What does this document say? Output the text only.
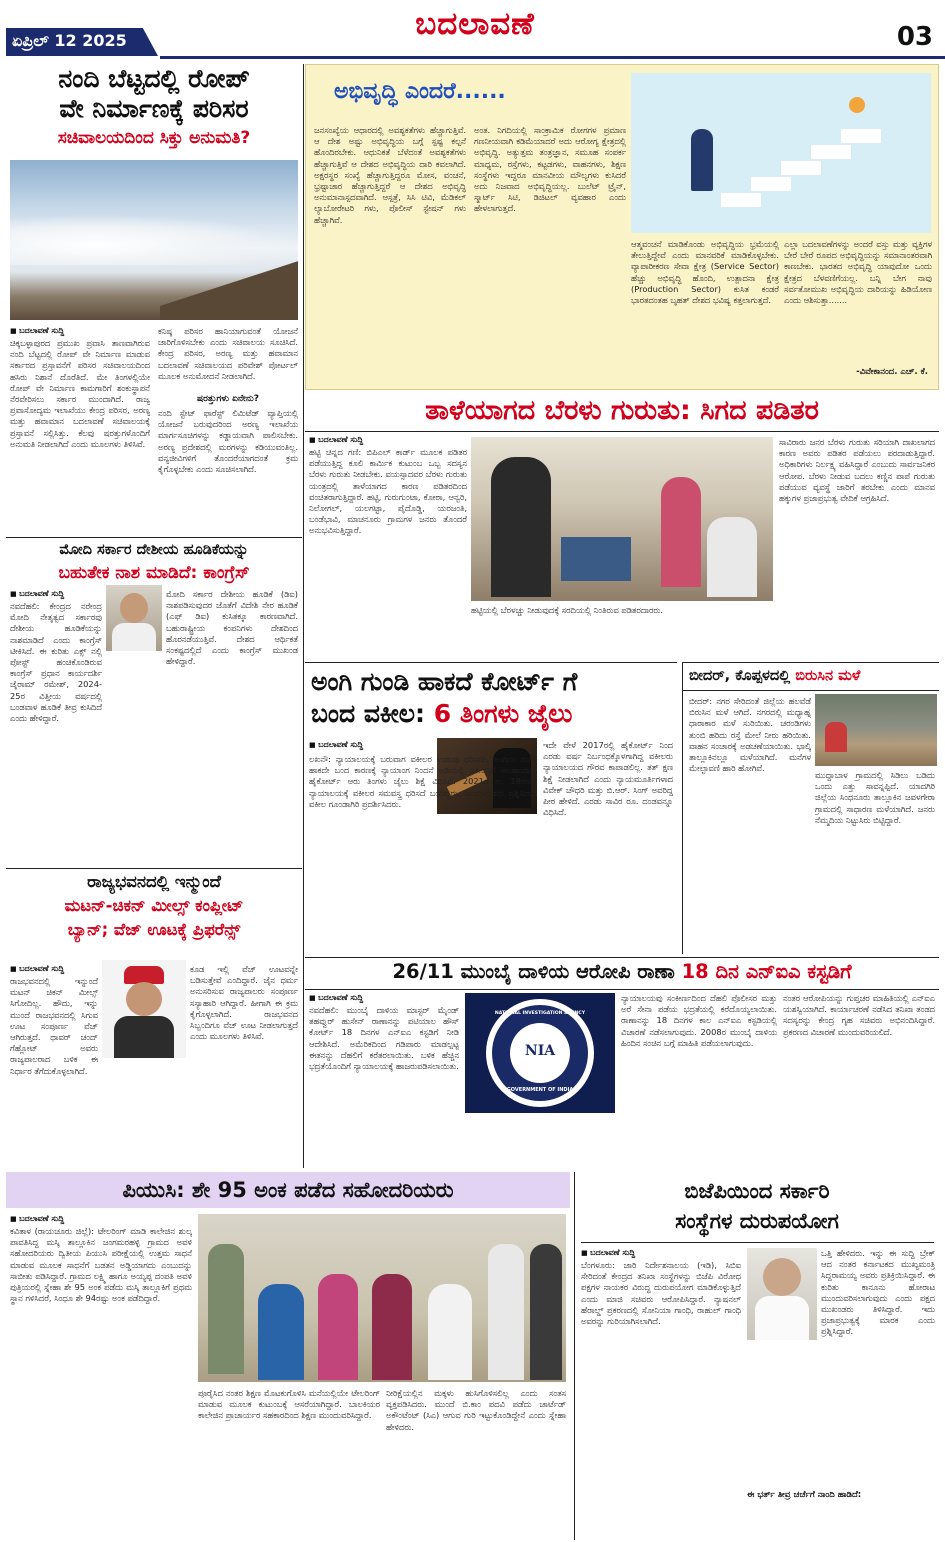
ಏಪ್ರಿಲ್ 12 2025	ಬದಲಾವಣೆ	03
ನಂದಿ ಬೆಟ್ಟದಲ್ಲಿ ರೋಪ್
ವೇ ನಿರ್ಮಾಣಕ್ಕೆ ಪರಿಸರ
ಸಚಿವಾಲಯದಿಂದ ಸಿಕ್ತು ಅನುಮತಿ?
■ ಬದಲಾವಣೆ ಸುದ್ದಿ
ಚಿಕ್ಕಬಳ್ಳಾಪುರದ ಪ್ರಮುಖ ಪ್ರವಾಸಿ ತಾಣವಾಗಿರುವ ನಂದಿ ಬೆಟ್ಟದಲ್ಲಿ ರೋಪ್ ವೇ ನಿರ್ಮಾಣ ಮಾಡುವ ಸರ್ಕಾರದ ಪ್ರಸ್ತಾವನೆಗೆ ಪರಿಸರ ಸಚಿವಾಲಯದಿಂದ ಹಸಿರು ನಿಶಾನೆ ದೊರೆತಿದೆ. ಮೇ ತಿಂಗಳಲ್ಲಿಯೇ ರೋಪ್ ವೇ ನಿರ್ಮಾಣ ಕಾಮಗಾರಿಗೆ ಶಂಕುಸ್ಥಾಪನೆ ನೆರವೇರಿಸಲು ಸರ್ಕಾರ ಮುಂದಾಗಿದೆ. ರಾಜ್ಯ ಪ್ರವಾಸೋದ್ಯಮ ಇಲಾಖೆಯು ಕೇಂದ್ರ ಪರಿಸರ, ಅರಣ್ಯ ಮತ್ತು ಹವಾಮಾನ ಬದಲಾವಣೆ ಸಚಿವಾಲಯಕ್ಕೆ ಪ್ರಸ್ತಾವನೆ ಸಲ್ಲಿಸಿತ್ತು. ಕೆಲವು ಷರತ್ತುಗಳೊಂದಿಗೆ ಅನುಮತಿ ನೀಡಲಾಗಿದೆ ಎಂದು ಮೂಲಗಳು ತಿಳಿಸಿವೆ.
ಕನಿಷ್ಠ ಪರಿಸರ ಹಾನಿಯಾಗುವಂತೆ ಯೋಜನೆ ಜಾರಿಗೊಳಿಸಬೇಕು ಎಂದು ಸಚಿವಾಲಯ ಸೂಚಿಸಿದೆ. ಕೇಂದ್ರ ಪರಿಸರ, ಅರಣ್ಯ ಮತ್ತು ಹವಾಮಾನ ಬದಲಾವಣೆ ಸಚಿವಾಲಯದ ಪರಿವೇಶ್ ಪೋರ್ಟಲ್ ಮೂಲಕ ಅನುಮೋದನೆ ನೀಡಲಾಗಿದೆ.
ಷರತ್ತುಗಳು ಏನೇನು?
ನಂದಿ ಸ್ಟೇಟ್ ಫಾರೆಸ್ಟ್ ಲಿಮಿಟೆಡ್ ವ್ಯಾಪ್ತಿಯಲ್ಲಿ ಯೋಜನೆ ಬರುವುದರಿಂದ ಅರಣ್ಯ ಇಲಾಖೆಯ ಮಾರ್ಗಸೂಚಿಗಳನ್ನು ಕಡ್ಡಾಯವಾಗಿ ಪಾಲಿಸಬೇಕು. ಅರಣ್ಯ ಪ್ರದೇಶದಲ್ಲಿ ಮರಗಳನ್ನು ಕಡಿಯುವಂತಿಲ್ಲ. ವನ್ಯಜೀವಿಗಳಿಗೆ ತೊಂದರೆಯಾಗದಂತೆ ಕ್ರಮ ಕೈಗೊಳ್ಳಬೇಕು ಎಂದು ಸೂಚಿಸಲಾಗಿದೆ.
ಅಭಿವೃದ್ಧಿ ಎಂದರೆ......
ಜನಸಂಖ್ಯೆಯ ಆಧಾರದಲ್ಲಿ ಅವಶ್ಯಕತೆಗಳು ಹೆಚ್ಚಾಗುತ್ತಿವೆ. ಆ ದೇಶ ಅಷ್ಟು ಅಭಿವೃದ್ಧಿಯ ಬಗ್ಗೆ ಸ್ಪಷ್ಟ ಕಲ್ಪನೆ ಹೊಂದಿರಬೇಕು. ಆಧುನಿಕತೆ ಬೆಳೆದಂತೆ ಅವಶ್ಯಕತೆಗಳು ಹೆಚ್ಚಾಗುತ್ತಿವೆ ಆ ದೇಶದ ಅಭಿವೃದ್ಧಿಯ ದಾರಿ ಕವಲಾಗಿದೆ. ಅಕ್ಷರಸ್ಥರ ಸಂಖ್ಯೆ ಹೆಚ್ಚಾಗುತ್ತಿದ್ದರೂ ಮೋಸ, ವಂಚನೆ, ಭ್ರಷ್ಟಾಚಾರ ಹೆಚ್ಚಾಗುತ್ತಿದ್ದರೆ ಆ ದೇಶದ ಅಭಿವೃದ್ಧಿ ಅನುಮಾನಾಸ್ಪದವಾಗಿದೆ. ಆಸ್ಪತ್ರೆ, ಸಿಸಿ ಟಿವಿ, ಮೆಡಿಕಲ್ ಲ್ಯಾಬೋರೇಟರಿ ಗಳು, ಪೊಲೀಸ್ ಸ್ಟೇಷನ್ ಗಳು ಹೆಚ್ಚಾಗಿವೆ.
ಅಂತ. ನಿಗದಿಯಲ್ಲಿ ಸಾಂಕ್ರಾಮಿಕ ರೋಗಗಳ ಪ್ರಮಾಣ ಗಣನೀಯವಾಗಿ ಕಡಿಮೆಯಾದರೆ ಅದು ಆರೋಗ್ಯ ಕ್ಷೇತ್ರದಲ್ಲಿ ಅಭಿವೃದ್ಧಿ. ಅತ್ಯುತ್ತಮ ತಂತ್ರಜ್ಞಾನ, ಸಮೂಹ ಸಂಪರ್ಕ ಮಾಧ್ಯಮ, ರಸ್ತೆಗಳು, ಕಟ್ಟಡಗಳು, ವಾಹನಗಳು, ಶಿಕ್ಷಣ ಸಂಸ್ಥೆಗಳು ಇದ್ದರೂ ಮಾನವೀಯ ಮೌಲ್ಯಗಳು ಕುಸಿದರೆ ಅದು ನಿಜವಾದ ಅಭಿವೃದ್ಧಿಯಲ್ಲ. ಬುಲೆಟ್ ಟ್ರೈನ್, ಸ್ಮಾರ್ಟ್ ಸಿಟಿ, ಡಿಜಿಟಲ್ ವ್ಯವಹಾರ ಎಂದು ಹೇಳಲಾಗುತ್ತದೆ.
ಆತ್ಮವಂಚನೆ ಮಾಡಿಕೊಂಡು ಅಭಿವೃದ್ಧಿಯ ಭ್ರಮೆಯಲ್ಲಿ ತೇಲುತ್ತಿದ್ದೇವೆ ಎಂದು ಮಾನವರಿಕೆ ಮಾಡಿಕೊಳ್ಳಬೇಕು. ವ್ಯಾಪಾರೀಕರಣ ಸೇವಾ ಕ್ಷೇತ್ರ (Service Sector) ಹೆಚ್ಚು ಅಭಿವೃದ್ಧಿ ಹೊಂದಿ, ಉತ್ಪಾದನಾ ಕ್ಷೇತ್ರ (Production Sector) ಕುಸಿತ ಕಂಡರೆ ಭಾರತದಂತಹ ಬೃಹತ್ ದೇಶದ ಭವಿಷ್ಯ ಕತ್ತಲಾಗುತ್ತದೆ.
ಎಲ್ಲಾ ಬದಲಾವಣೆಗಳನ್ನು ಅಂದರೆ ವಸ್ತು ಮತ್ತು ವ್ಯಕ್ತಿಗಳ ಬೇರೆ ಬೇರೆ ರೂಪದ ಅಭಿವೃದ್ಧಿಯನ್ನು ಸಮಾನಾಂತರವಾಗಿ ಕಾಣಬೇಕು. ಭಾರತದ ಅಭಿವೃದ್ಧಿ ಯಾವುದೋ ಒಂದು ಕ್ಷೇತ್ರದ ಬೆಳವಣಿಗೆಯಲ್ಲ. ಬನ್ನಿ ಬೇಗ ನಾವು ಸರ್ವತೋಮುಖ ಅಭಿವೃದ್ಧಿಯ ದಾರಿಯನ್ನು ಹಿಡಿಯೋಣ ಎಂದು ಆಶಿಸುತ್ತಾ.......
-ವಿವೇಕಾನಂದ. ಎಚ್. ಕೆ.
ತಾಳೆಯಾಗದ ಬೆರಳು ಗುರುತು: ಸಿಗದ ಪಡಿತರ
■ ಬದಲಾವಣೆ ಸುದ್ದಿ
ಹಟ್ಟಿ ಚಿನ್ನದ ಗಣಿ: ಬಿಪಿಎಲ್ ಕಾರ್ಡ್ ಮೂಲಕ ಪಡಿತರ ಪಡೆಯುತ್ತಿದ್ದ ಕೂಲಿ ಕಾರ್ಮಿಕ ಕುಟುಂಬ ಒಬ್ಬ ಸದಸ್ಯನ ಬೆರಳು ಗುರುತು ನೀಡಬೇಕು. ವಯಸ್ಸಾದವರ ಬೆರಳು ಗುರುತು ಯಂತ್ರದಲ್ಲಿ ತಾಳೆಯಾಗದ ಕಾರಣ ಪಡಿತರದಿಂದ ವಂಚಿತರಾಗುತ್ತಿದ್ದಾರೆ. ಹಟ್ಟಿ, ಗುರುಗುಂಟಾ, ಕೋಠಾ, ಆನ್ವರಿ, ನಿಲೋಗಲ್, ಯಲಗಟ್ಟಾ, ಪೈದೊಡ್ಡಿ, ಯರಜಂತಿ, ಬಂಡೆಭಾವಿ, ಮಾಚನೂರು ಗ್ರಾಮಗಳ ಜನರು ತೊಂದರೆ ಅನುಭವಿಸುತ್ತಿದ್ದಾರೆ.
ಹಟ್ಟಿಯಲ್ಲಿ ಬೆರಳಚ್ಚು ನೀಡುವುದಕ್ಕೆ ಸರದಿಯಲ್ಲಿ ನಿಂತಿರುವ ಪಡಿತರದಾರರು.
ಸಾವಿರಾರು ಜನರ ಬೆರಳು ಗುರುತು ಸರಿಯಾಗಿ ದಾಖಲಾಗದ ಕಾರಣ ಅವರು ಪಡಿತರ ಪಡೆಯಲು ಪರದಾಡುತ್ತಿದ್ದಾರೆ. ಅಧಿಕಾರಿಗಳು ನಿರ್ಲಕ್ಷ್ಯ ವಹಿಸಿದ್ದಾರೆ ಎಂಬುದು ಸಾರ್ವಜನಿಕರ ಆರೋಪ. ಬೆರಳು ನೀಡುವ ಬದಲು ಕಣ್ಣಿನ ಪಾಪೆ ಗುರುತು ಪಡೆಯುವ ವ್ಯವಸ್ಥೆ ಜಾರಿಗೆ ತರಬೇಕು ಎಂದು ಮಾನವ ಹಕ್ಕುಗಳ ಪ್ರಜಾಪ್ರಭುತ್ವ ವೇದಿಕೆ ಆಗ್ರಹಿಸಿದೆ.
ಮೋದಿ ಸರ್ಕಾರ ದೇಶೀಯ ಹೂಡಿಕೆಯನ್ನು
ಬಹುತೇಕ ನಾಶ ಮಾಡಿದೆ: ಕಾಂಗ್ರೆಸ್
■ ಬದಲಾವಣೆ ಸುದ್ದಿ
ನವದೆಹಲಿ: ಕೇಂದ್ರದ ನರೇಂದ್ರ ಮೋದಿ ನೇತೃತ್ವದ ಸರ್ಕಾರವು ದೇಶೀಯ ಹೂಡಿಕೆಯನ್ನು ನಾಶಮಾಡಿದೆ ಎಂದು ಕಾಂಗ್ರೆಸ್ ಟೀಕಿಸಿದೆ. ಈ ಕುರಿತು ಎಕ್ಸ್ ನಲ್ಲಿ ಪೋಸ್ಟ್ ಹಂಚಿಕೊಂಡಿರುವ ಕಾಂಗ್ರೆಸ್ ಪ್ರಧಾನ ಕಾರ್ಯದರ್ಶಿ ಜೈರಾಮ್ ರಮೇಶ್, 2024-25ರ ವಿತ್ತೀಯ ವರ್ಷದಲ್ಲಿ ಬಂಡವಾಳ ಹೂಡಿಕೆ ತೀವ್ರ ಕುಸಿದಿದೆ ಎಂದು ಹೇಳಿದ್ದಾರೆ.
ಮೋದಿ ಸರ್ಕಾರ ದೇಶೀಯ ಹೂಡಿಕೆ (ಡಿಐ) ನಾಶಪಡಿಸುವುದರ ಜೊತೆಗೆ ವಿದೇಶಿ ನೇರ ಹೂಡಿಕೆ (ಎಫ್ ಡಿಐ) ಕುಸಿತಕ್ಕೂ ಕಾರಣವಾಗಿದೆ. ಬಹುರಾಷ್ಟ್ರೀಯ ಕಂಪನಿಗಳು ದೇಶದಿಂದ ಹೊರನಡೆಯುತ್ತಿವೆ. ದೇಶದ ಆರ್ಥಿಕತೆ ಸಂಕಷ್ಟದಲ್ಲಿದೆ ಎಂದು ಕಾಂಗ್ರೆಸ್ ಮುಖಂಡ ಹೇಳಿದ್ದಾರೆ.
ರಾಜ್ಯಭವನದಲ್ಲಿ ಇನ್ಮುಂದೆ
ಮಟನ್-ಚಿಕನ್ ಮೀಲ್ಸ್ ಕಂಪ್ಲೀಟ್
ಬ್ಯಾನ್; ವೆಜ್ ಊಟಕ್ಕೆ ಪ್ರಿಫರೆನ್ಸ್
■ ಬದಲಾವಣೆ ಸುದ್ದಿ
ರಾಜಭವನದಲ್ಲಿ ಇನ್ನುಂದೆ ಮಟನ್ ಚಿಕನ್ ಮೀಲ್ಸ್ ಸಿಗೋದಿಲ್ಲ. ಹೌದು, ಇನ್ನು ಮುಂದೆ ರಾಜಭವನದಲ್ಲಿ ಸಿಗುವ ಊಟ ಸಂಪೂರ್ಣ ವೆಜ್ ಆಗಿರುತ್ತದೆ. ಥಾವರ್ ಚಂದ್ ಗೆಹ್ಲೋಟ್ ಅವರು ರಾಜ್ಯಪಾಲರಾದ ಬಳಿಕ ಈ ನಿರ್ಧಾರ ತೆಗೆದುಕೊಳ್ಳಲಾಗಿದೆ.
ಕೂಡ ಇಲ್ಲಿ ವೆಜ್ ಊಟವನ್ನೇ ಬಡಿಸುತ್ತೇವೆ ಎಂದಿದ್ದಾರೆ. ಜೈನ ಧರ್ಮ ಅನುಸರಿಸುವ ರಾಜ್ಯಪಾಲರು ಸಂಪೂರ್ಣ ಸಸ್ಯಾಹಾರಿ ಆಗಿದ್ದಾರೆ. ಹೀಗಾಗಿ ಈ ಕ್ರಮ ಕೈಗೊಳ್ಳಲಾಗಿದೆ. ರಾಜಭವನದ ಸಿಬ್ಬಂದಿಗೂ ವೆಜ್ ಊಟ ನೀಡಲಾಗುತ್ತದೆ ಎಂದು ಮೂಲಗಳು ತಿಳಿಸಿವೆ.
ಅಂಗಿ ಗುಂಡಿ ಹಾಕದೆ ಕೋರ್ಟ್ ಗೆ
ಬಂದ ವಕೀಲ: 6 ತಿಂಗಳು ಜೈಲು
■ ಬದಲಾವಣೆ ಸುದ್ದಿ
ಲಖನೌ: ನ್ಯಾಯಾಲಯಕ್ಕೆ ಬರುವಾಗ ವಕೀಲರ ಉಡುಪು ಧರಿಸದೇ, ಅಂಗಿಯ ಗುಂಡಿ ಹಾಕದೇ ಬಂದ ಕಾರಣಕ್ಕೆ ನ್ಯಾಯಾಂಗ ನಿಂದನೆ ಅಡಿಯಲ್ಲಿ ವಕೀಲನಿಗೆ ಅಲಹಾಬಾದ್ ಹೈಕೋರ್ಟ್ ಆರು ತಿಂಗಳು ಜೈಲು ಶಿಕ್ಷೆ ವಿಧಿಸಿದೆ. 2021ರ ಅ. 18ರಂದು ನ್ಯಾಯಾಲಯಕ್ಕೆ ವಕೀಲರ ಸಮವಸ್ತ್ರ ಧರಿಸದೆ ಬಂದಿದ್ದರು. ನ್ಯಾಯಾಧೀಶರು ಪ್ರಶ್ನಿಸಿದಾಗ ವಕೀಲ ಗೂಂಡಾಗಿರಿ ಪ್ರದರ್ಶಿಸಿದರು.
ಇದೇ ವೇಳೆ 2017ರಲ್ಲಿ ಹೈಕೋರ್ಟ್ ನಿಂದ ಎರಡು ವರ್ಷ ನಿರ್ಬಂಧಕ್ಕೊಳಗಾಗಿದ್ದ ವಕೀಲರು ನ್ಯಾಯಾಲಯದ ಗೌರವ ಕಾಪಾಡಲಿಲ್ಲ. ತತ್ ಕ್ಷಣ ಶಿಕ್ಷೆ ನೀಡಲಾಗಿದೆ ಎಂದು ನ್ಯಾಯಮೂರ್ತಿಗಳಾದ ವಿವೇಕ್ ಚೌಧರಿ ಮತ್ತು ಬಿ.ಆರ್. ಸಿಂಗ್ ಅವರಿದ್ದ ಪೀಠ ಹೇಳಿದೆ. ಎರಡು ಸಾವಿರ ರೂ. ದಂಡವನ್ನೂ ವಿಧಿಸಿದೆ.
ಬೀದರ್, ಕೊಪ್ಪಳದಲ್ಲಿ ಬಿರುಸಿನ ಮಳೆ
ಬೀದರ್: ನಗರ ಸೇರಿದಂತೆ ಜಿಲ್ಲೆಯ ಹಲವೆಡೆ ಬಿರುಸಿನ ಮಳೆ ಆಗಿದೆ. ನಗರದಲ್ಲಿ ಮಧ್ಯಾಹ್ನ ಧಾರಾಕಾರ ಮಳೆ ಸುರಿಯಿತು. ಚರಂಡಿಗಳು ತುಂಬಿ ಹರಿದು ರಸ್ತೆ ಮೇಲೆ ನೀರು ಹರಿಯಿತು. ವಾಹನ ಸಂಚಾರಕ್ಕೆ ಅಡಚಣೆಯಾಯಿತು. ಭಾಲ್ಕಿ ತಾಲ್ಲೂಕಿನಲ್ಲೂ ಮಳೆಯಾಗಿದೆ. ಮನೆಗಳ ಮೇಲ್ಛಾವಣಿ ಹಾರಿ ಹೋಗಿವೆ.
ಮುದ್ದಾಬಾಳ ಗ್ರಾಮದಲ್ಲಿ ಸಿಡಿಲು ಬಡಿದು ಒಂದು ಎತ್ತು ಸಾವನ್ನಪ್ಪಿದೆ. ಯಾದಗಿರಿ ಜಿಲ್ಲೆಯ ಸಿಂಧನೂರು ತಾಲ್ಲೂಕಿನ ಜವಳಗೇರಾ ಗ್ರಾಮದಲ್ಲಿ ಸಾಧಾರಣ ಮಳೆಯಾಗಿದೆ. ಜನರು ನೆಮ್ಮದಿಯ ನಿಟ್ಟುಸಿರು ಬಿಟ್ಟಿದ್ದಾರೆ.
26/11 ಮುಂಬೈ ದಾಳಿಯ ಆರೋಪಿ ರಾಣಾ 18 ದಿನ ಎನ್ಐಎ ಕಸ್ಟಡಿಗೆ
■ ಬದಲಾವಣೆ ಸುದ್ದಿ
ನವದೆಹಲಿ: ಮುಂಬೈ ದಾಳಿಯ ಮಾಸ್ಟರ್ ಮೈಂಡ್ ತಹವ್ವುರ್ ಹುಸೇನ್ ರಾಣಾನನ್ನು ಪಟಿಯಾಲ ಹೌಸ್ ಕೋರ್ಟ್ 18 ದಿನಗಳ ಎನ್ಐಎ ಕಸ್ಟಡಿಗೆ ನೀಡಿ ಆದೇಶಿಸಿದೆ. ಅಮೆರಿಕದಿಂದ ಗಡಿಪಾರು ಮಾಡಲ್ಪಟ್ಟ ಈತನನ್ನು ದೆಹಲಿಗೆ ಕರೆತರಲಾಯಿತು. ಬಳಿಕ ಹೆಚ್ಚಿನ ಭದ್ರತೆಯೊಂದಿಗೆ ನ್ಯಾಯಾಲಯಕ್ಕೆ ಹಾಜರುಪಡಿಸಲಾಯಿತು.
NIA
NATIONAL INVESTIGATION AGENCY
GOVERNMENT OF INDIA
ನ್ಯಾಯಾಲಯವು ಸಂಕೀರ್ಣದಿಂದ ದೆಹಲಿ ಪೊಲೀಸರ ಮತ್ತು ಅರೆ ಸೇನಾ ಪಡೆಯ ಭದ್ರತೆಯಲ್ಲಿ ಕರೆದೊಯ್ಯಲಾಯಿತು. ರಾಣಾನನ್ನು 18 ದಿನಗಳ ಕಾಲ ಎನ್ಐಎ ಕಸ್ಟಡಿಯಲ್ಲಿ ವಿಚಾರಣೆ ನಡೆಸಲಾಗುವುದು. 2008ರ ಮುಂಬೈ ದಾಳಿಯ ಹಿಂದಿನ ಸಂಚಿನ ಬಗ್ಗೆ ಮಾಹಿತಿ ಪಡೆಯಲಾಗುವುದು.
ನಂತರ ಆರೋಪಿಯನ್ನು ಗುಪ್ತಚರ ಮಾಹಿತಿಯಲ್ಲಿ ಎನ್ಐಎ ಯಶಸ್ವಿಯಾಗಿದೆ. ಕಾರ್ಯಾಚರಣೆ ನಡೆಸಿದ ತನಿಖಾ ತಂಡದ ಸದಸ್ಯರನ್ನು ಕೇಂದ್ರ ಗೃಹ ಸಚಿವರು ಅಭಿನಂದಿಸಿದ್ದಾರೆ. ಪ್ರಕರಣದ ವಿಚಾರಣೆ ಮುಂದುವರಿಯಲಿದೆ.
ಪಿಯುಸಿ: ಶೇ 95 ಅಂಕ ಪಡೆದ ಸಹೋದರಿಯರು
■ ಬದಲಾವಣೆ ಸುದ್ದಿ
ಕವಿತಾಳ (ರಾಯಚೂರು ಜಿಲ್ಲೆ): ಟೇಲರಿಂಗ್ ಮಾಡಿ ಕಾಲೇಜಿನ ಶುಲ್ಕ ಪಾವತಿಸಿದ್ದ ಮಸ್ಕಿ ತಾಲ್ಲೂಕಿನ ಜಂಗಮರಹಳ್ಳಿ ಗ್ರಾಮದ ಅವಳಿ ಸಹೋದರಿಯರು ದ್ವಿತೀಯ ಪಿಯುಸಿ ಪರೀಕ್ಷೆಯಲ್ಲಿ ಉತ್ತಮ ಸಾಧನೆ ಮಾಡುವ ಮೂಲಕ ಸಾಧನೆಗೆ ಬಡತನ ಅಡ್ಡಿಯಾಗದು ಎಂಬುದನ್ನು ಸಾಬೀತು ಪಡಿಸಿದ್ದಾರೆ. ಗ್ರಾಮದ ಲಕ್ಷ್ಮಿ ಹಾಗೂ ಅಯ್ಯಪ್ಪ ದಂಪತಿ ಅವಳಿ ಪುತ್ರಿಯರಲ್ಲಿ ಸ್ನೇಹಾ ಶೇ 95 ಅಂಕ ಪಡೆದು ಮಸ್ಕಿ ತಾಲ್ಲೂಕಿಗೆ ಪ್ರಥಮ ಸ್ಥಾನ ಗಳಿಸಿದರೆ, ಸಿಂಧೂ ಶೇ 94ರಷ್ಟು ಅಂಕ ಪಡೆದಿದ್ದಾರೆ.
ಪೂರೈಸಿದ ನಂತರ ಶಿಕ್ಷಣ ಮೊಟಕುಗೊಳಿಸಿ ಮನೆಯಲ್ಲಿಯೇ ಟೇಲರಿಂಗ್ ಮಾಡುವ ಮೂಲಕ ಕುಟುಂಬಕ್ಕೆ ಆಸರೆಯಾಗಿದ್ದಾರೆ. ಬಾಲಕಿಯರ ಕಾಲೇಜಿನ ಪ್ರಾಚಾರ್ಯರ ಸಹಕಾರದಿಂದ ಶಿಕ್ಷಣ ಮುಂದುವರಿಸಿದ್ದಾರೆ.
ನೀರಿಕ್ಷೆಯಲ್ಲಿನ ಮಕ್ಕಳು ಹುಸಿಗೊಳಿಸಲಿಲ್ಲ ಎಂದು ಸಂತಸ ವ್ಯಕ್ತಪಡಿಸಿದರು. ಮುಂದೆ ಬಿ.ಕಾಂ ಪದವಿ ಪಡೆದು ಚಾರ್ಟೆಡ್ ಅಕೌಂಟೆಂಟ್ (ಸಿಎ) ಆಗುವ ಗುರಿ ಇಟ್ಟುಕೊಂಡಿದ್ದೇನೆ ಎಂದು ಸ್ನೇಹಾ ಹೇಳಿದರು.
ಬಿಜೆಪಿಯಿಂದ ಸರ್ಕಾರಿ
ಸಂಸ್ಥೆಗಳ ದುರುಪಯೋಗ
■ ಬದಲಾವಣೆ ಸುದ್ದಿ
ಬೆಂಗಳೂರು: ಜಾರಿ ನಿರ್ದೇಶನಾಲಯ (ಇಡಿ), ಸಿಬಿಐ ಸೇರಿದಂತೆ ಕೇಂದ್ರದ ತನಿಖಾ ಸಂಸ್ಥೆಗಳನ್ನು ಬಿಜೆಪಿ ವಿರೋಧ ಪಕ್ಷಗಳ ನಾಯಕರ ವಿರುದ್ಧ ದುರುಪಯೋಗ ಮಾಡಿಕೊಳ್ಳುತ್ತಿದೆ ಎಂದು ಮಾಜಿ ಸಚಿವರು ಆರೋಪಿಸಿದ್ದಾರೆ. ನ್ಯಾಷನಲ್ ಹೆರಾಲ್ಡ್ ಪ್ರಕರಣದಲ್ಲಿ ಸೋನಿಯಾ ಗಾಂಧಿ, ರಾಹುಲ್ ಗಾಂಧಿ ಅವರನ್ನು ಗುರಿಯಾಗಿಸಲಾಗಿದೆ.
ಒತ್ತಿ ಹೇಳಿದರು. ಇನ್ನು ಈ ಸುದ್ದಿ ಬ್ರೇಕ್ ಆದ ನಂತರ ಕರ್ನಾಟಕದ ಮುಖ್ಯಮಂತ್ರಿ ಸಿದ್ದರಾಮಯ್ಯ ಅವರು ಪ್ರತಿಕ್ರಿಯಿಸಿದ್ದಾರೆ. ಈ ಕುರಿತು ಕಾನೂನು ಹೋರಾಟ ಮುಂದುವರಿಸಲಾಗುವುದು ಎಂದು ಪಕ್ಷದ ಮುಖಂಡರು ತಿಳಿಸಿದ್ದಾರೆ. ಇದು ಪ್ರಜಾಪ್ರಭುತ್ವಕ್ಕೆ ಮಾರಕ ಎಂದು ಪ್ರಶ್ನಿಸಿದ್ದಾರೆ.
ಈ ಭರ್ತ್ ತೀವ್ರ ಚರ್ಚೆಗೆ ನಾಂದಿ ಹಾಡಿದೆ:
